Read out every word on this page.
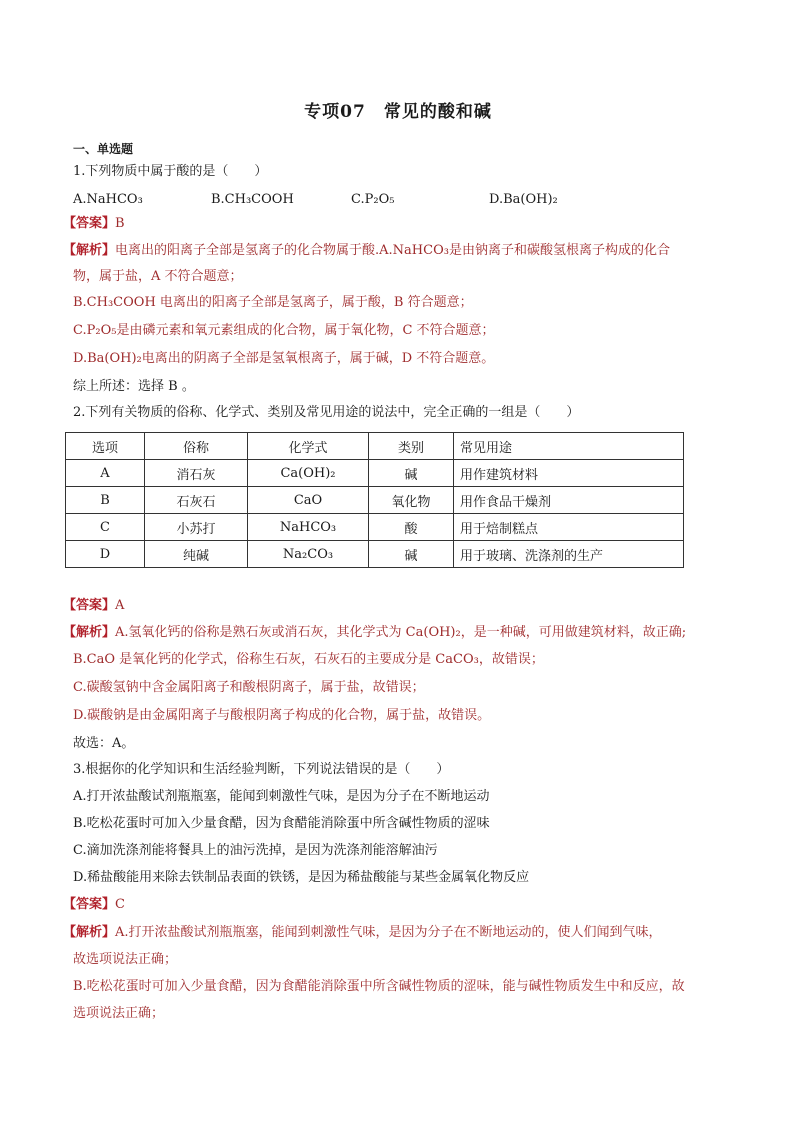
专项07　常见的酸和碱
一、单选题
1.下列物质中属于酸的是（　　）
A.NaHCO₃	B.CH₃COOH	C.P₂O₅	D.Ba(OH)₂
【答案】B
【解析】电离出的阳离子全部是氢离子的化合物属于酸.A.NaHCO₃是由钠离子和碳酸氢根离子构成的化合
物，属于盐，A 不符合题意；
B.CH₃COOH 电离出的阳离子全部是氢离子，属于酸，B 符合题意；
C.P₂O₅是由磷元素和氧元素组成的化合物，属于氧化物，C 不符合题意；
D.Ba(OH)₂电离出的阴离子全部是氢氧根离子，属于碱，D 不符合题意。
综上所述：选择 B 。
2.下列有关物质的俗称、化学式、类别及常见用途的说法中，完全正确的一组是（　　）
选项	俗称	化学式	类别	常见用途
A	消石灰	Ca(OH)₂	碱	用作建筑材料
B	石灰石	CaO	氧化物	用作食品干燥剂
C	小苏打	NaHCO₃	酸	用于焙制糕点
D	纯碱	Na₂CO₃	碱	用于玻璃、洗涤剂的生产
【答案】A
【解析】A.氢氧化钙的俗称是熟石灰或消石灰，其化学式为 Ca(OH)₂，是一种碱，可用做建筑材料，故正确;
B.CaO 是氧化钙的化学式，俗称生石灰，石灰石的主要成分是 CaCO₃，故错误；
C.碳酸氢钠中含金属阳离子和酸根阴离子，属于盐，故错误；
D.碳酸钠是由金属阳离子与酸根阴离子构成的化合物，属于盐，故错误。
故选：A。
3.根据你的化学知识和生活经验判断，下列说法错误的是（　　）
A.打开浓盐酸试剂瓶瓶塞，能闻到刺激性气味，是因为分子在不断地运动
B.吃松花蛋时可加入少量食醋，因为食醋能消除蛋中所含碱性物质的涩味
C.滴加洗涤剂能将餐具上的油污洗掉，是因为洗涤剂能溶解油污
D.稀盐酸能用来除去铁制品表面的铁锈，是因为稀盐酸能与某些金属氧化物反应
【答案】C
【解析】A.打开浓盐酸试剂瓶瓶塞，能闻到刺激性气味，是因为分子在不断地运动的，使人们闻到气味，
故选项说法正确；
B.吃松花蛋时可加入少量食醋，因为食醋能消除蛋中所含碱性物质的涩味，能与碱性物质发生中和反应，故
选项说法正确；
